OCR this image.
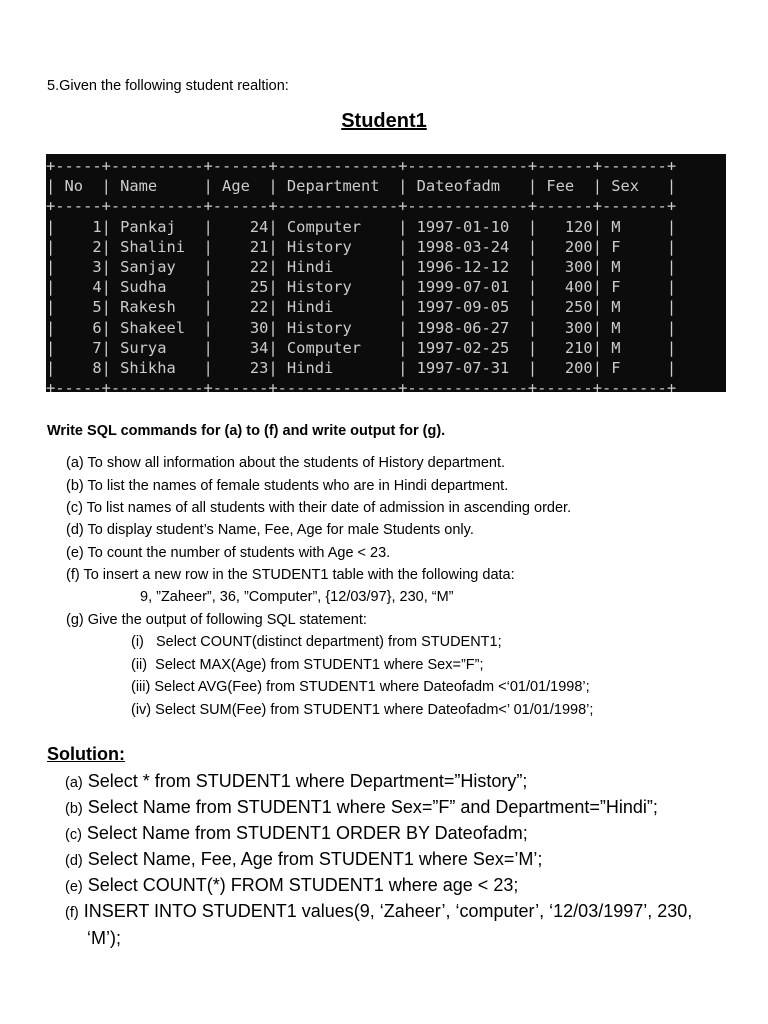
5.Given the following student realtion:
Student1
+-----+----------+------+-------------+-------------+------+-------+
| No  | Name     | Age  | Department  | Dateofadm   | Fee  | Sex   |
+-----+----------+------+-------------+-------------+------+-------+
|    1| Pankaj   |    24| Computer    | 1997-01-10  |   120| M     |
|    2| Shalini  |    21| History     | 1998-03-24  |   200| F     |
|    3| Sanjay   |    22| Hindi       | 1996-12-12  |   300| M     |
|    4| Sudha    |    25| History     | 1999-07-01  |   400| F     |
|    5| Rakesh   |    22| Hindi       | 1997-09-05  |   250| M     |
|    6| Shakeel  |    30| History     | 1998-06-27  |   300| M     |
|    7| Surya    |    34| Computer    | 1997-02-25  |   210| M     |
|    8| Shikha   |    23| Hindi       | 1997-07-31  |   200| F     |
+-----+----------+------+-------------+-------------+------+-------+
Write SQL commands for (a) to (f) and write output for (g).
(a) To show all information about the students of History department.
(b) To list the names of female students who are in Hindi department.
(c) To list names of all students with their date of admission in ascending order.
(d) To display student’s Name, Fee, Age for male Students only.
(e) To count the number of students with Age < 23.
(f) To insert a new row in the STUDENT1 table with the following data:
9, ”Zaheer”, 36, ”Computer”, {12/03/97}, 230, “M”
(g) Give the output of following SQL statement:
(i)   Select COUNT(distinct department) from STUDENT1;
(ii)  Select MAX(Age) from STUDENT1 where Sex=”F”;
(iii) Select AVG(Fee) from STUDENT1 where Dateofadm <‘01/01/1998’;
(iv) Select SUM(Fee) from STUDENT1 where Dateofadm<’ 01/01/1998’;
Solution:
(a) Select * from STUDENT1 where Department=”History”;
(b) Select Name from STUDENT1 where Sex=”F” and Department=”Hindi”;
(c) Select Name from STUDENT1 ORDER BY Dateofadm;
(d) Select Name, Fee, Age from STUDENT1 where Sex=’M’;
(e) Select COUNT(*) FROM STUDENT1 where age < 23;
(f) INSERT INTO STUDENT1 values(9, ‘Zaheer’, ‘computer’, ‘12/03/1997’, 230,
‘M’);
